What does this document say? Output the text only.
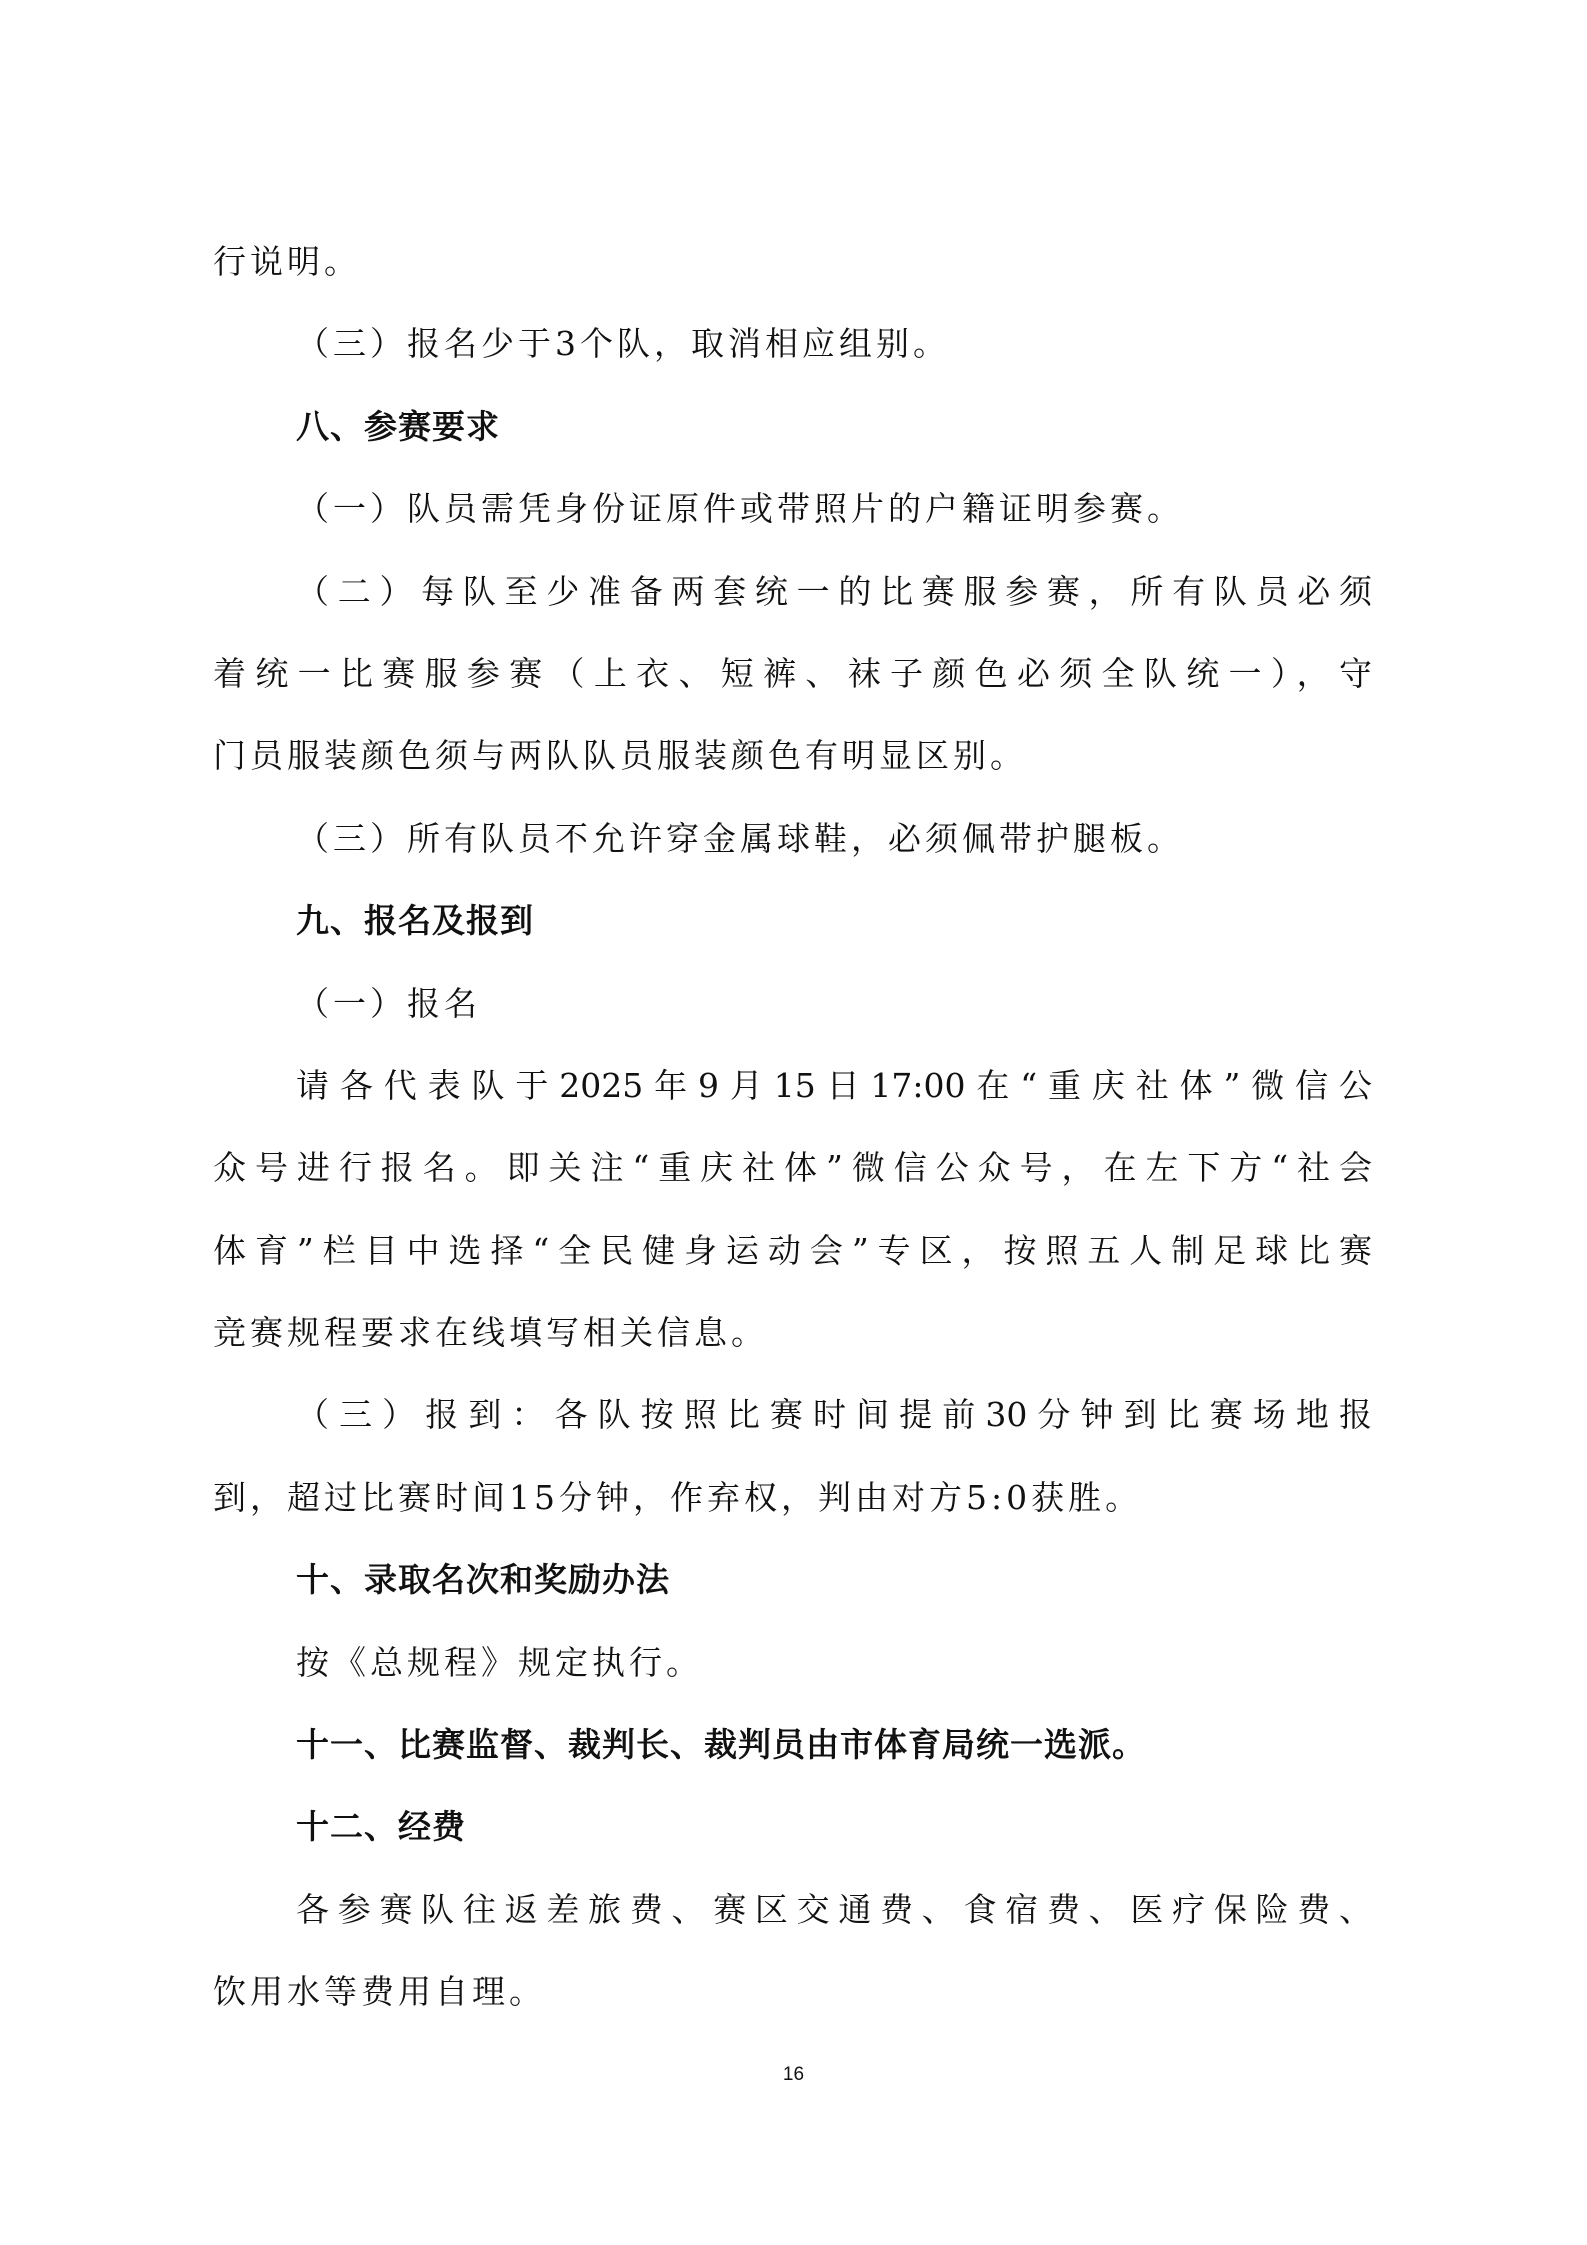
行说明。
（三）报名少于3个队，取消相应组别。
八、参赛要求
（一）队员需凭身份证原件或带照片的户籍证明参赛。
（二）每队至少准备两套统一的比赛服参赛，所有队员必须
着统一比赛服参赛（上衣、短裤、袜子颜色必须全队统一），守
门员服装颜色须与两队队员服装颜色有明显区别。
（三）所有队员不允许穿金属球鞋，必须佩带护腿板。
九、报名及报到
（一）报名
请各代表队于2025年9月15日17:00在“重庆社体”微信公
众号进行报名。即关注“重庆社体”微信公众号，在左下方“社会
体育”栏目中选择“全民健身运动会”专区，按照五人制足球比赛
竞赛规程要求在线填写相关信息。
（三）报到：各队按照比赛时间提前30分钟到比赛场地报
到，超过比赛时间15分钟，作弃权，判由对方5:0获胜。
十、录取名次和奖励办法
按《总规程》规定执行。
十一、比赛监督、裁判长、裁判员由市体育局统一选派。
十二、经费
各参赛队往返差旅费、赛区交通费、食宿费、医疗保险费、
饮用水等费用自理。
16
